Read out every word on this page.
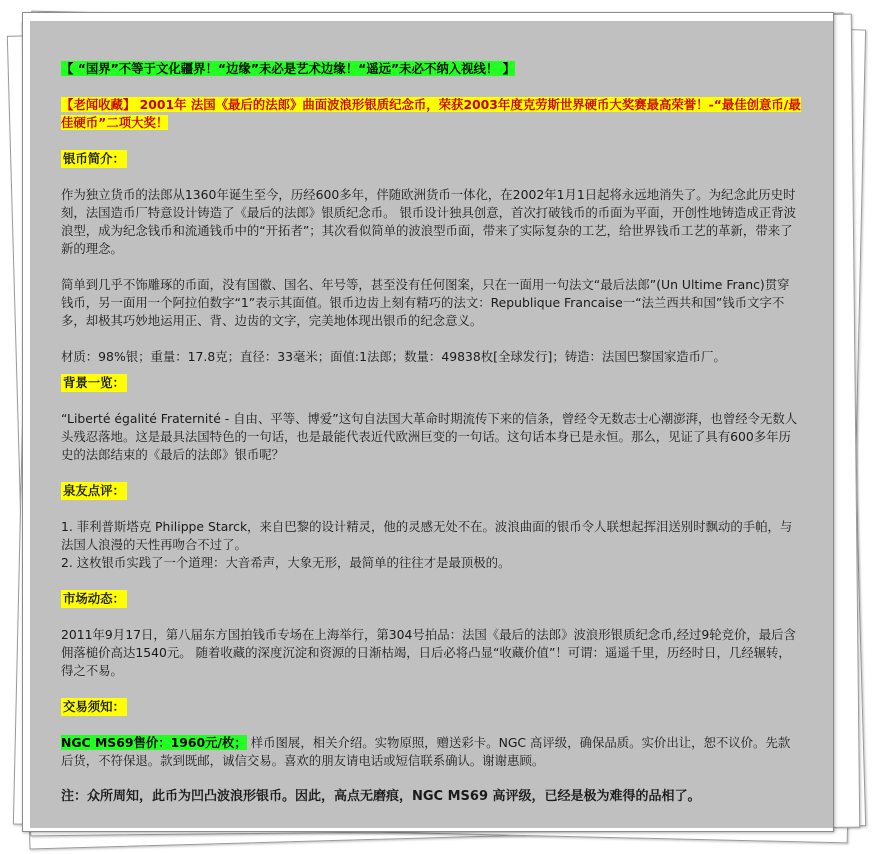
【 “国界”不等于文化疆界！“边缘”未必是艺术边缘！“遥远”未必不纳入视线！ 】

【老闻收藏】 2001年 法国《最后的法郎》曲面波浪形银质纪念币，荣获2003年度克劳斯世界硬币大奖赛最高荣誉！-“最佳创意币/最佳硬币”二项大奖！

银币简介：

作为独立货币的法郎从1360年诞生至今，历经600多年，伴随欧洲货币一体化，在2002年1月1日起将永远地消失了。为纪念此历史时刻，法国造币厂特意设计铸造了《最后的法郎》银质纪念币。 银币设计独具创意，首次打破钱币的币面为平面，开创性地铸造成正背波浪型，成为纪念钱币和流通钱币中的“开拓者”；其次看似简单的波浪型币面，带来了实际复杂的工艺，给世界钱币工艺的革新，带来了新的理念。

简单到几乎不饰雕琢的币面，没有国徽、国名、年号等，甚至没有任何图案，只在一面用一句法文“最后法郎”(Un Ultime Franc)贯穿钱币，另一面用一个阿拉伯数字“1”表示其面值。银币边齿上刻有精巧的法文：Republique Francaise一“法兰西共和国”钱币文字不多，却极其巧妙地运用正、背、边齿的文字，完美地体现出银币的纪念意义。

材质：98%银；重量：17.8克；直径：33毫米；面值:1法郎；数量：49838枚[全球发行]；铸造：法国巴黎国家造币厂。

背景一览：

“Liberté égalité Fraternité - 自由、平等、博爱”这句自法国大革命时期流传下来的信条，曾经令无数志士心潮澎湃，也曾经令无数人头残忍落地。这是最具法国特色的一句话，也是最能代表近代欧洲巨变的一句话。这句话本身已是永恒。那么，见证了具有600多年历史的法郎结束的《最后的法郎》银币呢？

泉友点评：

1. 菲利普斯塔克 Philippe Starck，来自巴黎的设计精灵，他的灵感无处不在。波浪曲面的银币令人联想起挥泪送别时飘动的手帕，与法国人浪漫的天性再吻合不过了。

2. 这枚银币实践了一个道理：大音希声，大象无形，最简单的往往才是最顶极的。

市场动态：

2011年9月17日，第八届东方国拍钱币专场在上海举行，第304号拍品：法国《最后的法郎》波浪形银质纪念币,经过9轮竞价，最后含佣落槌价高达1540元。 随着收藏的深度沉淀和资源的日渐枯竭，日后必将凸显“收藏价值”！可谓：遥遥千里，历经时日，几经辗转，得之不易。

交易须知：

NGC MS69售价：1960元/枚； 样币图展，相关介绍。实物原照，赠送彩卡。NGC 高评级，确保品质。实价出让，恕不议价。先款后货，不符保退。款到既邮，诚信交易。喜欢的朋友请电话或短信联系确认。谢谢惠顾。

注：众所周知，此币为凹凸波浪形银币。因此，高点无磨痕，NGC MS69 高评级，已经是极为难得的品相了。
